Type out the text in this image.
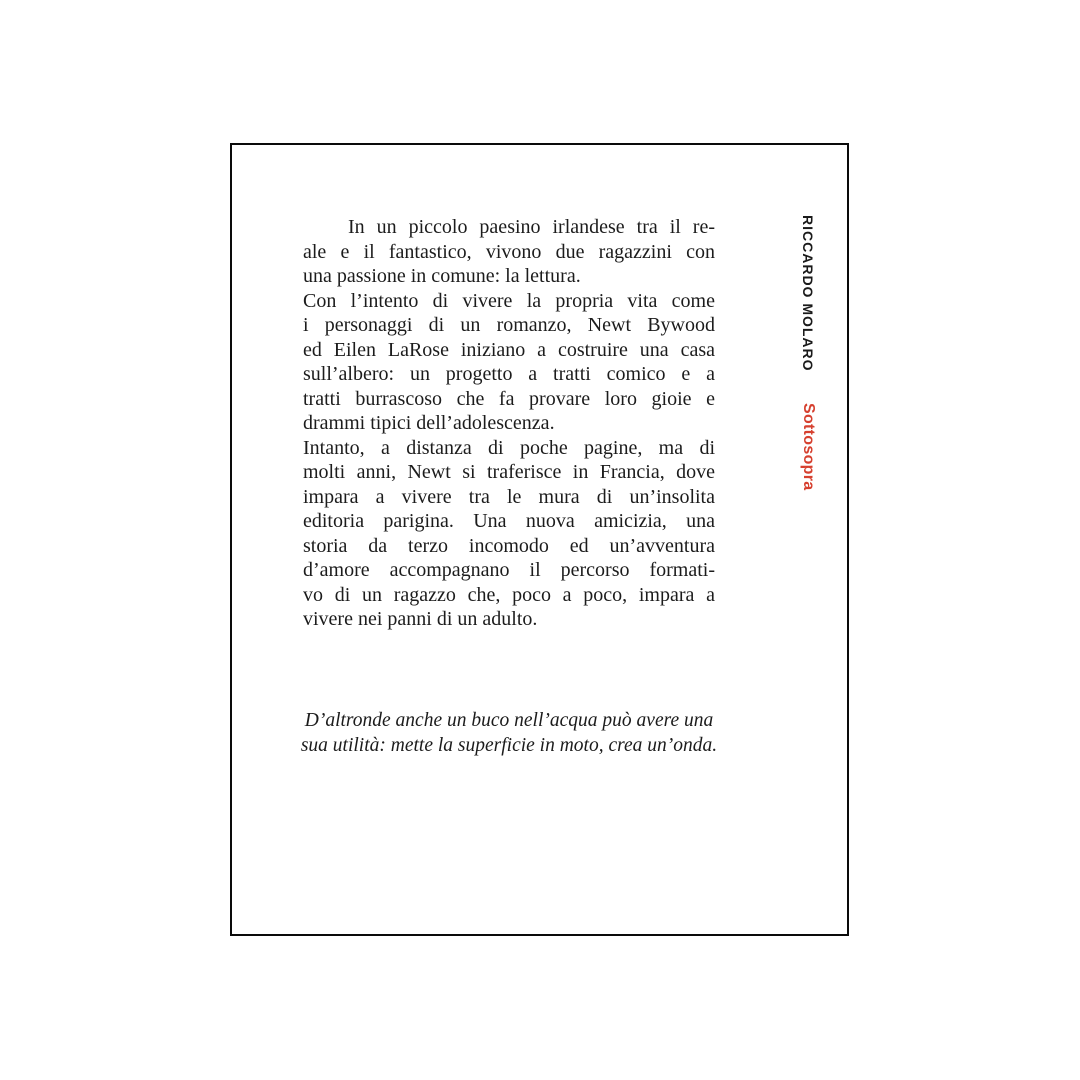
In un piccolo paesino irlandese tra il re-
ale e il fantastico, vivono due ragazzini con
una passione in comune: la lettura.
Con l’intento di vivere la propria vita come
i personaggi di un romanzo, Newt Bywood
ed Eilen LaRose iniziano a costruire una casa
sull’albero: un progetto a tratti comico e a
tratti burrascoso che fa provare loro gioie e
drammi tipici dell’adolescenza.
Intanto, a distanza di poche pagine, ma di
molti anni, Newt si traferisce in Francia, dove
impara a vivere tra le mura di un’insolita
editoria parigina. Una nuova amicizia, una
storia da terzo incomodo ed un’avventura
d’amore accompagnano il percorso formati-
vo di un ragazzo che, poco a poco, impara a
vivere nei panni di un adulto.
D’altronde anche un buco nell’acqua può avere una
sua utilità: mette la superficie in moto, crea un’onda.
RICCARDO MOLARO Sottosopra
